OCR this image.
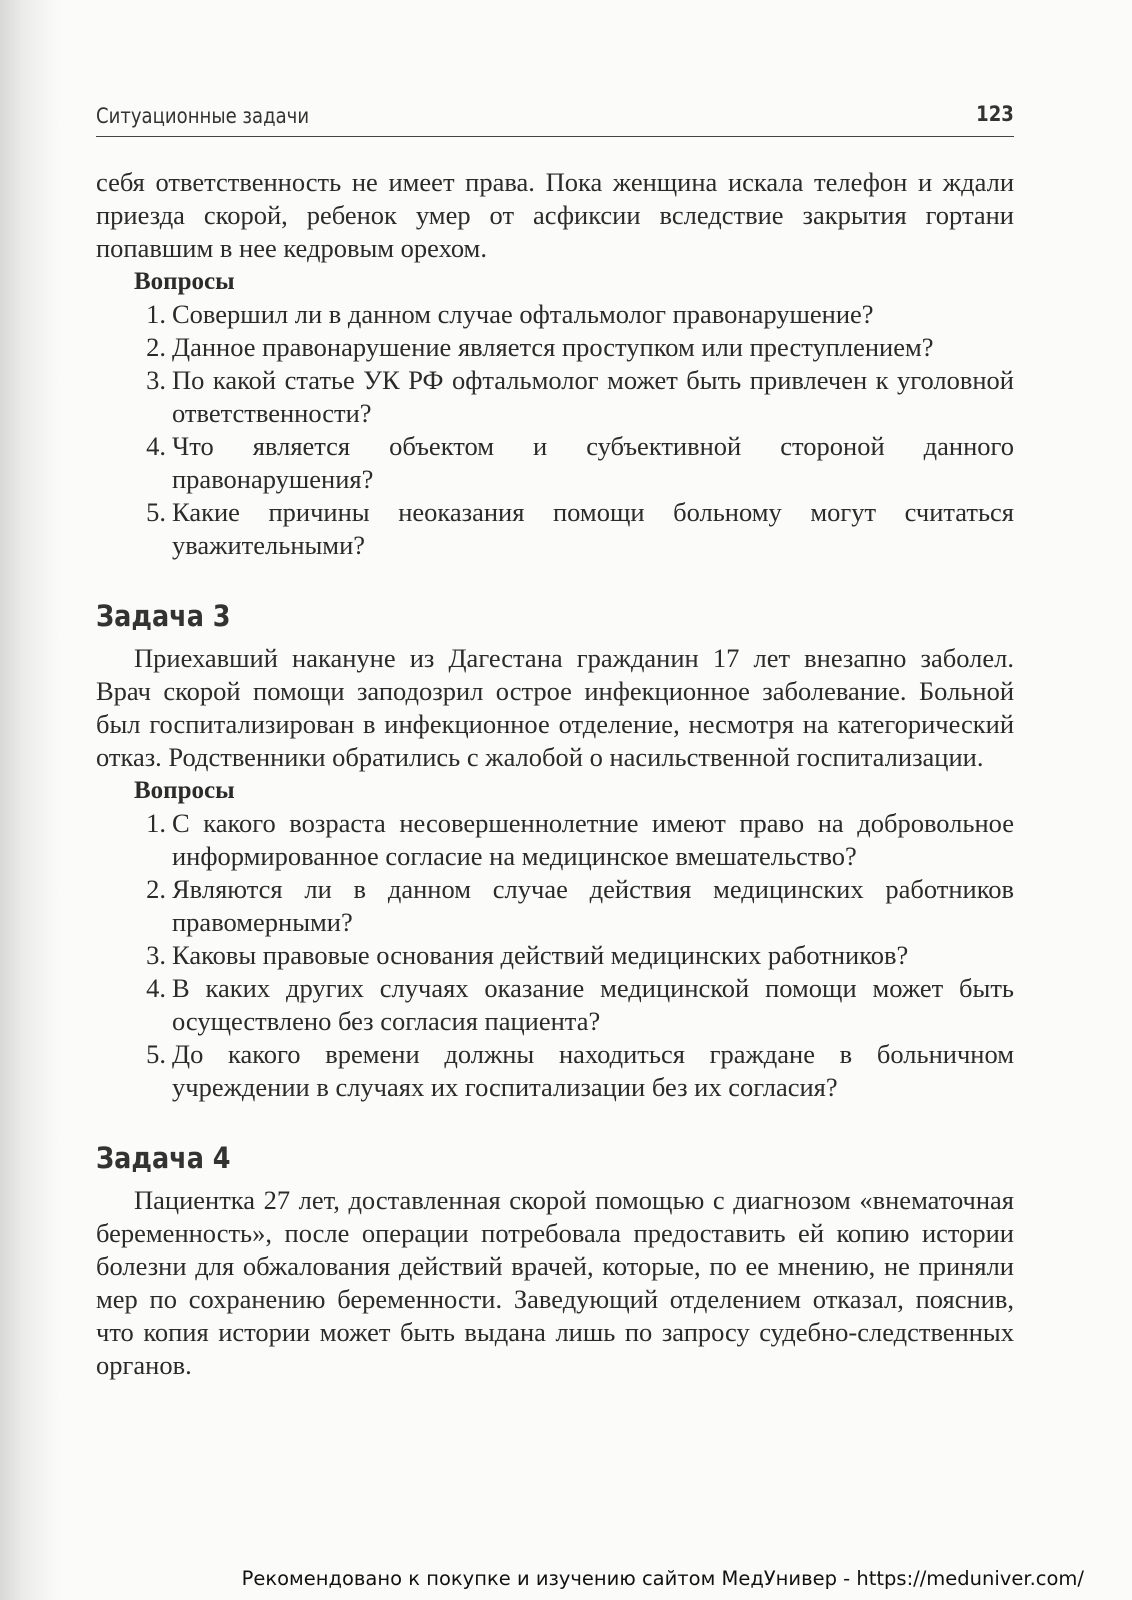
Ситуационные задачи	123

себя ответственность не имеет права. Пока женщина искала телефон и ждали приезда скорой, ребенок умер от асфиксии вследствие закрытия гортани попавшим в нее кедровым орехом.

Вопросы

1. Совершил ли в данном случае офтальмолог правонарушение?
2. Данное правонарушение является проступком или преступлением?
3. По какой статье УК РФ офтальмолог может быть привлечен к уголовной ответственности?
4. Что является объектом и субъективной стороной данного правонарушения?
5. Какие причины неоказания помощи больному могут считаться уважительными?
Задача 3

Приехавший накануне из Дагестана гражданин 17 лет внезапно заболел. Врач скорой помощи заподозрил острое инфекционное заболевание. Больной был госпитализирован в инфекционное отделение, несмотря на категорический отказ. Родственники обратились с жалобой о насильственной госпитализации.

Вопросы

1. С какого возраста несовершеннолетние имеют право на добровольное информированное согласие на медицинское вмешательство?
2. Являются ли в данном случае действия медицинских работников правомерными?
3. Каковы правовые основания действий медицинских работников?
4. В каких других случаях оказание медицинской помощи может быть осуществлено без согласия пациента?
5. До какого времени должны находиться граждане в больничном учреждении в случаях их госпитализации без их согласия?
Задача 4

Пациентка 27 лет, доставленная скорой помощью с диагнозом «внематочная беременность», после операции потребовала предоставить ей копию истории болезни для обжалования действий врачей, которые, по ее мнению, не приняли мер по сохранению беременности. Заведующий отделением отказал, пояснив, что копия истории может быть выдана лишь по запросу судебно-следственных органов.

Рекомендовано к покупке и изучению сайтом МедУнивер - https://meduniver.com/
